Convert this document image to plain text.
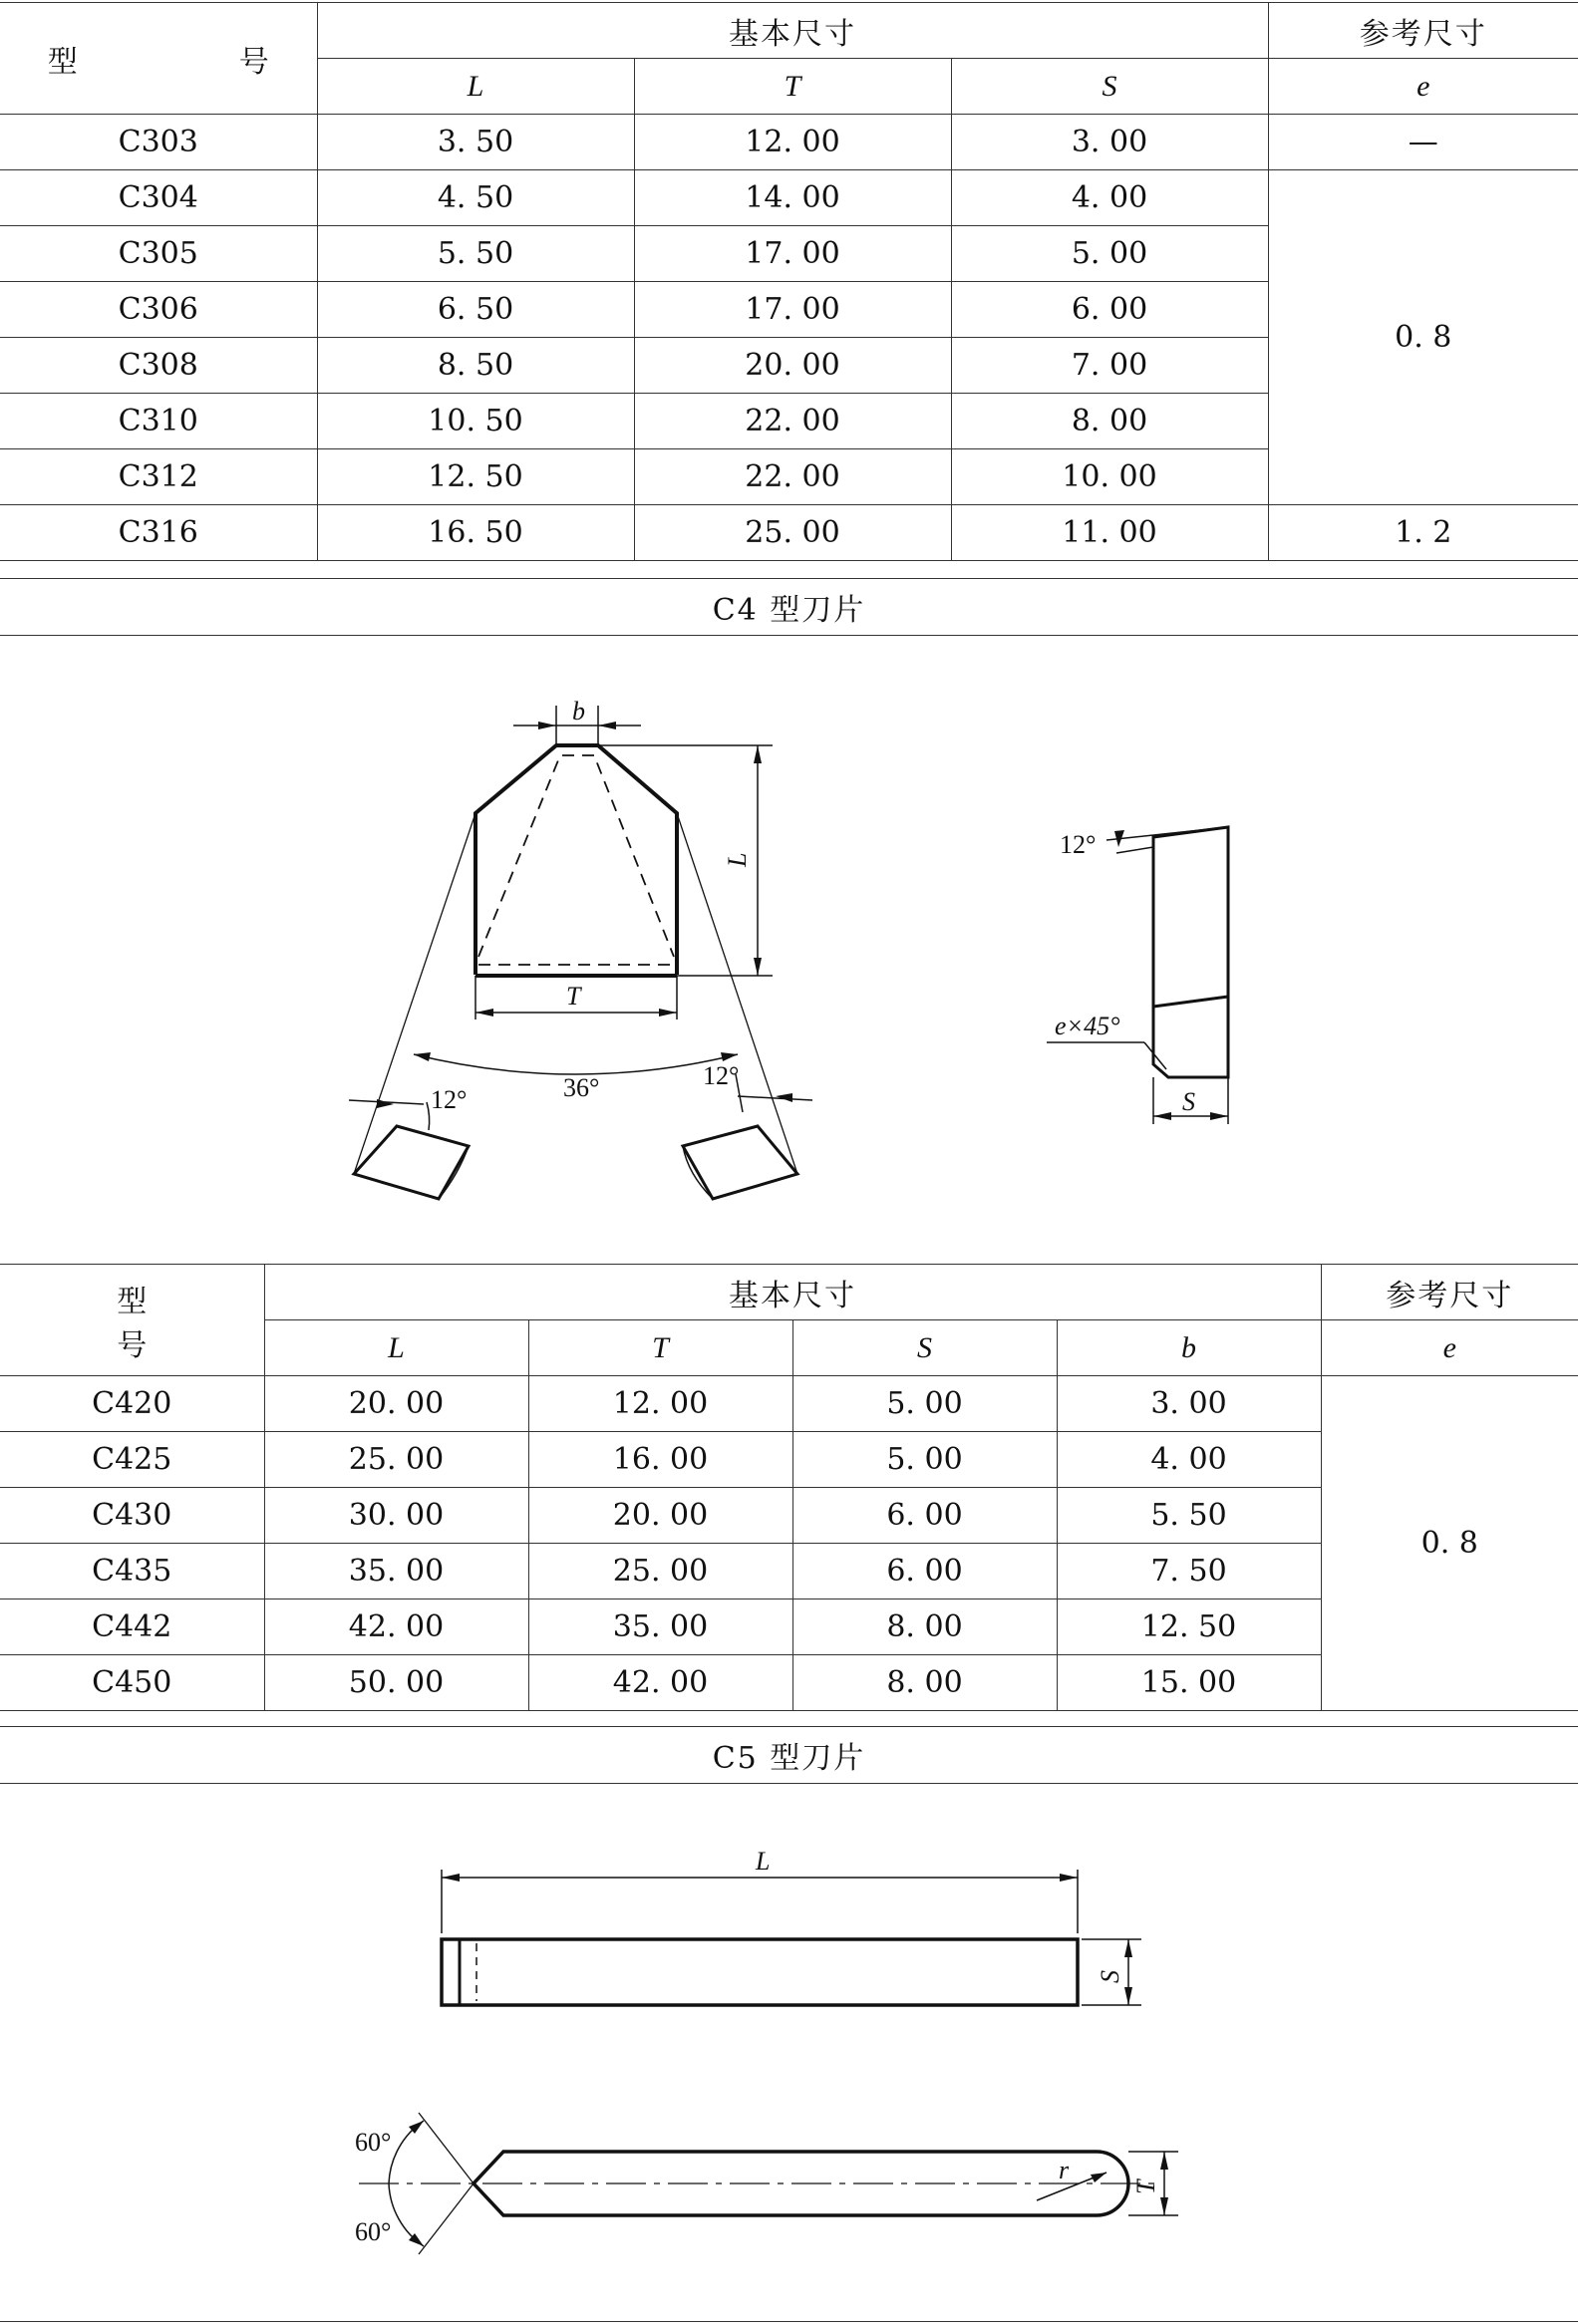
型　　号	基本尺寸			参考尺寸
	L	T	S	e
C303	3. 50	12. 00	3. 00	—
C304	4. 50	14. 00	4. 00	0. 8
C305	5. 50	17. 00	5. 00	
C306	6. 50	17. 00	6. 00	
C308	8. 50	20. 00	7. 00	
C310	10. 50	22. 00	8. 00	
C312	12. 50	22. 00	10. 00	
C316	16. 50	25. 00	11. 00	1. 2
C4 型刀片
b
L
T
36°
12°
12°
12°
e×45°
S
型　　号	基本尺寸				参考尺寸
	L	T	S	b	e
C420	20. 00	12. 00	5. 00	3. 00	0. 8
C425	25. 00	16. 00	5. 00	4. 00	
C430	30. 00	20. 00	6. 00	5. 50	
C435	35. 00	25. 00	6. 00	7. 50	
C442	42. 00	35. 00	8. 00	12. 50	
C450	50. 00	42. 00	8. 00	15. 00	
C5 型刀片
L
S
r
T
60°
60°
